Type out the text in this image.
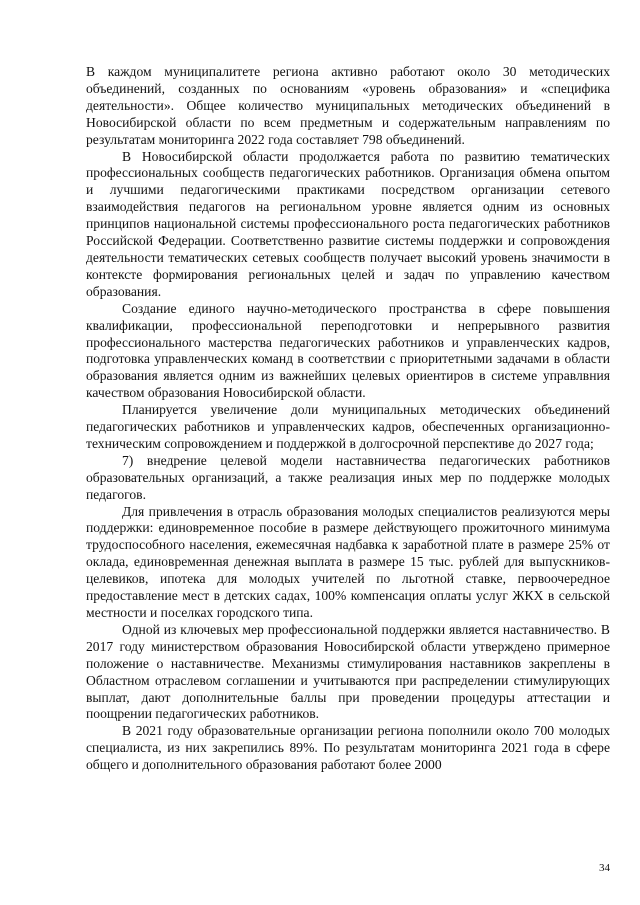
В каждом муниципалитете региона активно работают около 30 методических объединений, созданных по основаниям «уровень образования» и «специфика деятельности». Общее количество муниципальных методических объединений в Новосибирской области по всем предметным и содержательным направлениям по результатам мониторинга 2022 года составляет 798 объединений.

В Новосибирской области продолжается работа по развитию тематических профессиональных сообществ педагогических работников. Организация обмена опытом и лучшими педагогическими практиками посредством организации сетевого взаимодействия педагогов на региональном уровне является одним из основных принципов национальной системы профессионального роста педагогических работников Российской Федерации. Соответственно развитие системы поддержки и сопровождения деятельности тематических сетевых сообществ получает высокий уровень значимости в контексте формирования региональных целей и задач по управлению качеством образования.

Создание единого научно-методического пространства в сфере повышения квалификации, профессиональной переподготовки и непрерывного развития профессионального мастерства педагогических работников и управленческих кадров, подготовка управленческих команд в соответствии с приоритетными задачами в области образования является одним из важнейших целевых ориентиров в системе управлвния качеством образования Новосибирской области.

Планируется увеличение доли муниципальных методических объединений педагогических работников и управленческих кадров, обеспеченных организационно-техническим сопровождением и поддержкой в долгосрочной перспективе до 2027 года;

7) внедрение целевой модели наставничества педагогических работников образовательных организаций, а также реализация иных мер по поддержке молодых педагогов.

Для привлечения в отрасль образования молодых специалистов реализуются меры поддержки: единовременное пособие в размере действующего прожиточного минимума трудоспособного населения, ежемесячная надбавка к заработной плате в размере 25% от оклада, единовременная денежная выплата в размере 15 тыс. рублей для выпускников-целевиков, ипотека для молодых учителей по льготной ставке, первоочередное предоставление мест в детских садах, 100% компенсация оплаты услуг ЖКХ в сельской местности и поселках городского типа.

Одной из ключевых мер профессиональной поддержки является наставничество. В 2017 году министерством образования Новосибирской области утверждено примерное положение о наставничестве. Механизмы стимулирования наставников закреплены в Областном отраслевом соглашении и учитываются при распределении стимулирующих выплат, дают дополнительные баллы при проведении процедуры аттестации и поощрении педагогических работников.

В 2021 году образовательные организации региона пополнили около 700 молодых специалиста, из них закрепились 89%. По результатам мониторинга 2021 года в сфере общего и дополнительного образования работают более 2000

34
